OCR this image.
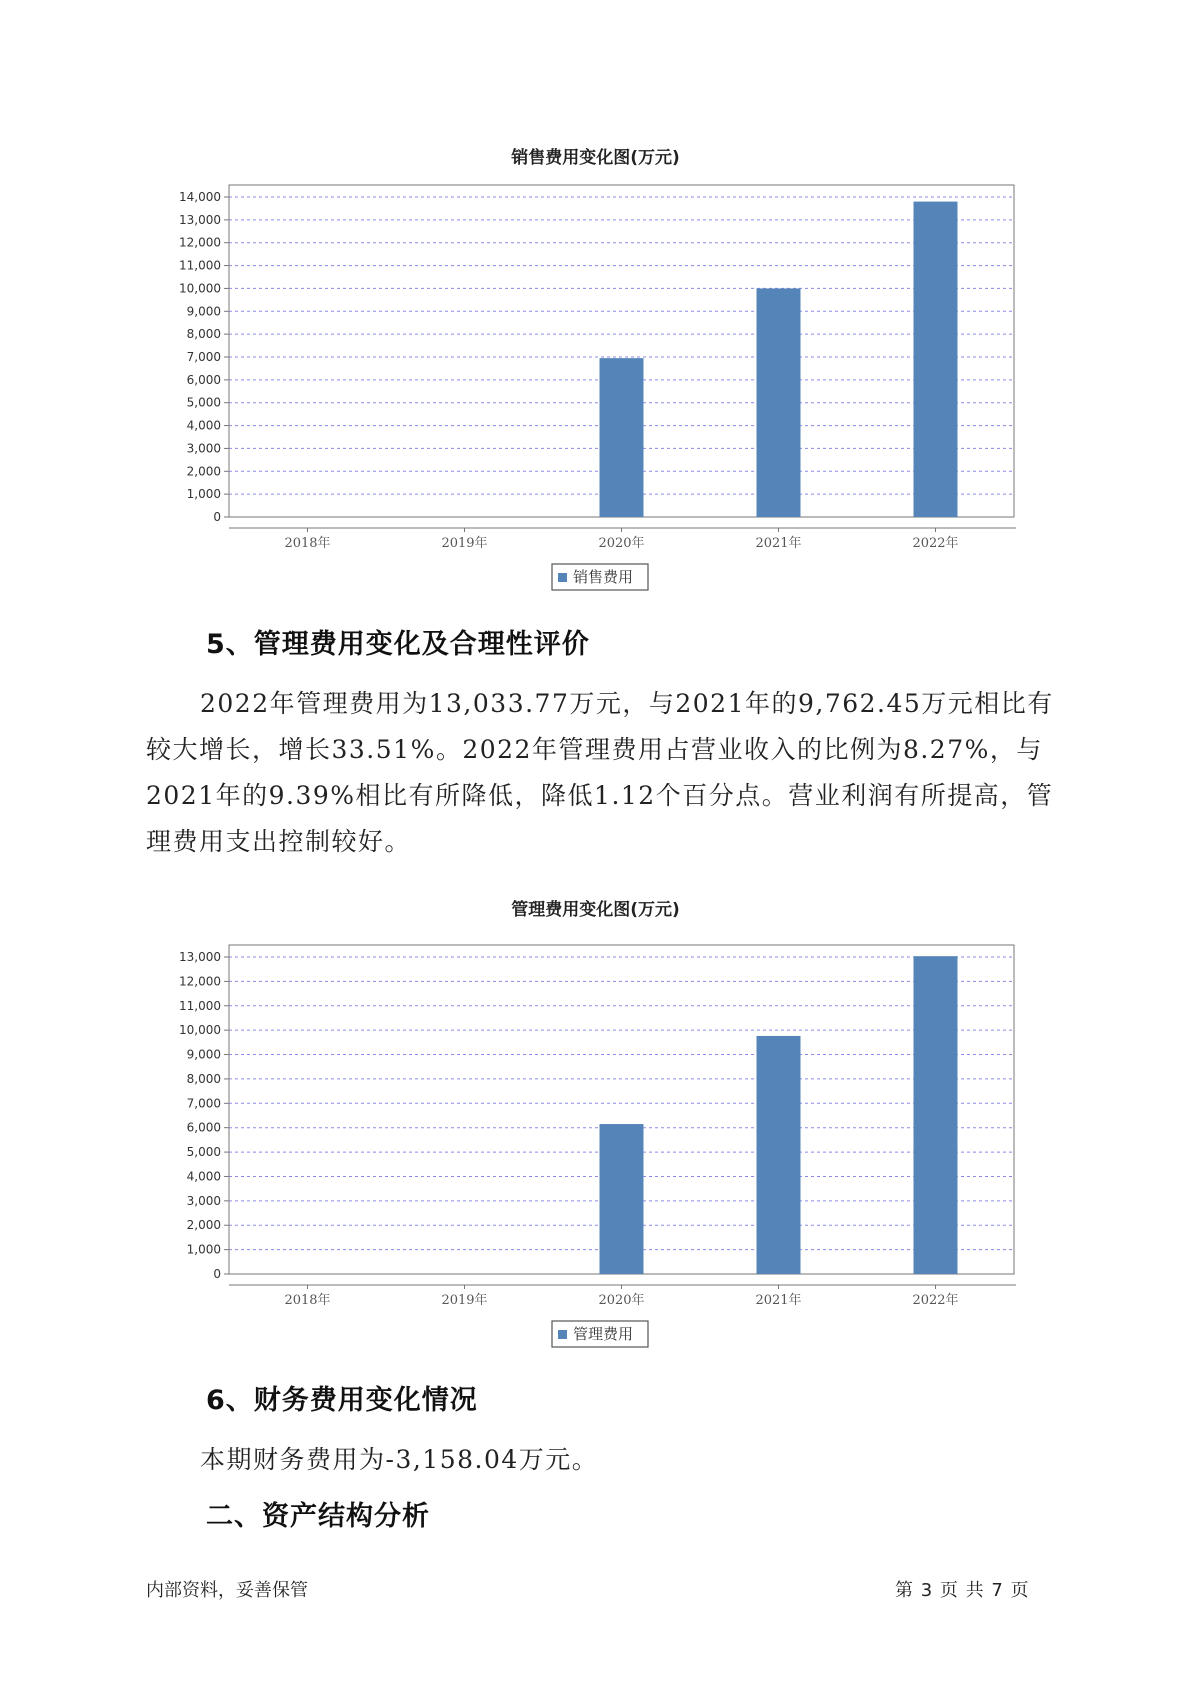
销售费用变化图(万元)
0
1,000
2,000
3,000
4,000
5,000
6,000
7,000
8,000
9,000
10,000
11,000
12,000
13,000
14,000
2018年	2019年	2020年	2021年	2022年
销售费用
5、管理费用变化及合理性评价

2022年管理费用为13,033.77万元，与2021年的9,762.45万元相比有较大增长，增长33.51%。2022年管理费用占营业收入的比例为8.27%，与2021年的9.39%相比有所降低，降低1.12个百分点。营业利润有所提高，管理费用支出控制较好。

管理费用变化图(万元)
0
1,000
2,000
3,000
4,000
5,000
6,000
7,000
8,000
9,000
10,000
11,000
12,000
13,000
2018年	2019年	2020年	2021年	2022年
管理费用
6、财务费用变化情况
本期财务费用为-3,158.04万元。
二、资产结构分析
内部资料，妥善保管	第 3 页 共 7 页
